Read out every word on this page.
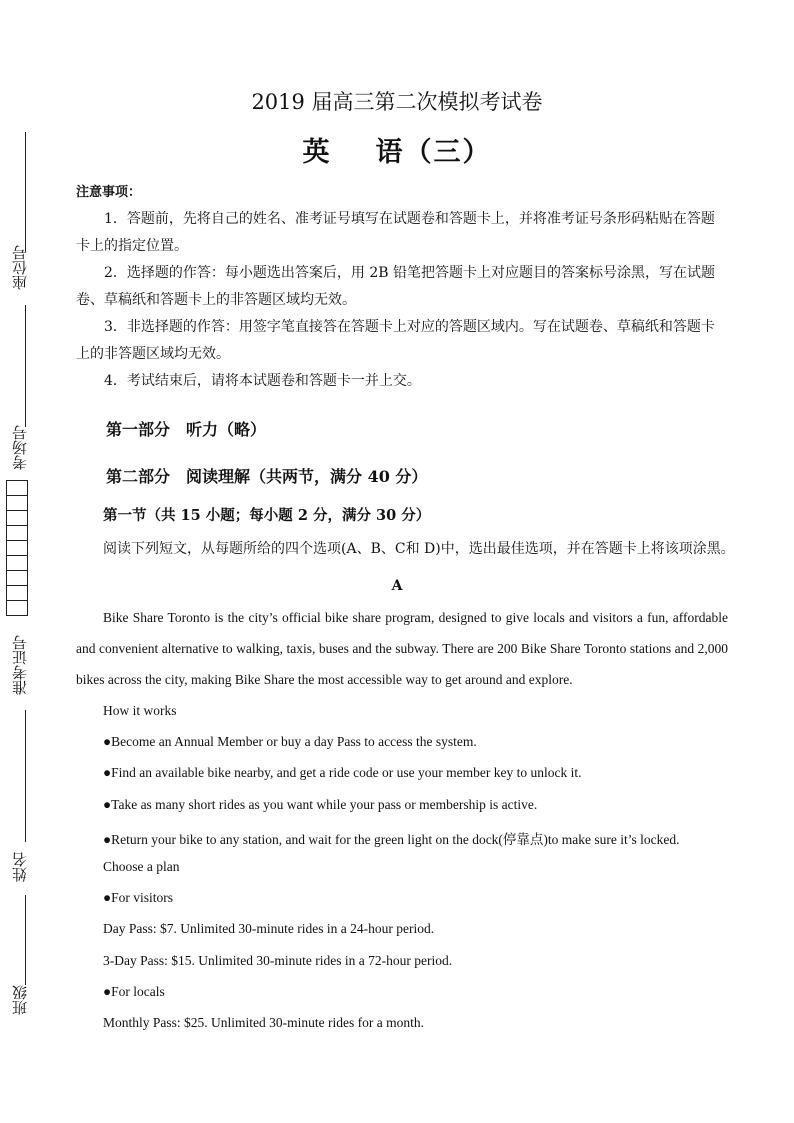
座位号
考场号
准考证号
姓名
班级
2019 届高三第二次模拟考试卷
英 语（三）
注意事项：

1．答题前，先将自己的姓名、准考证号填写在试题卷和答题卡上，并将准考证号条形码粘贴在答题卡上的指定位置。

2．选择题的作答：每小题选出答案后，用 2B 铅笔把答题卡上对应题目的答案标号涂黑，写在试题卷、草稿纸和答题卡上的非答题区域均无效。

3．非选择题的作答：用签字笔直接答在答题卡上对应的答题区域内。写在试题卷、草稿纸和答题卡上的非答题区域均无效。

4．考试结束后，请将本试题卷和答题卡一并上交。

第一部分　听力（略）
第二部分　阅读理解（共两节，满分 40 分）
第一节（共 15 小题；每小题 2 分，满分 30 分）
阅读下列短文，从每题所给的四个选项(A、B、C和 D)中，选出最佳选项，并在答题卡上将该项涂黑。
A
Bike Share Toronto is the city’s official bike share program, designed to give locals and visitors a fun, affordable and convenient alternative to walking, taxis, buses and the subway. There are 200 Bike Share Toronto stations and 2,000 bikes across the city, making Bike Share the most accessible way to get around and explore.
How it works
●Become an Annual Member or buy a day Pass to access the system.
●Find an available bike nearby, and get a ride code or use your member key to unlock it.
●Take as many short rides as you want while your pass or membership is active.
●Return your bike to any station, and wait for the green light on the dock(停靠点)to make sure it’s locked.
Choose a plan
●For visitors
Day Pass: $7. Unlimited 30-minute rides in a 24-hour period.
3-Day Pass: $15. Unlimited 30-minute rides in a 72-hour period.
●For locals
Monthly Pass: $25. Unlimited 30-minute rides for a month.
